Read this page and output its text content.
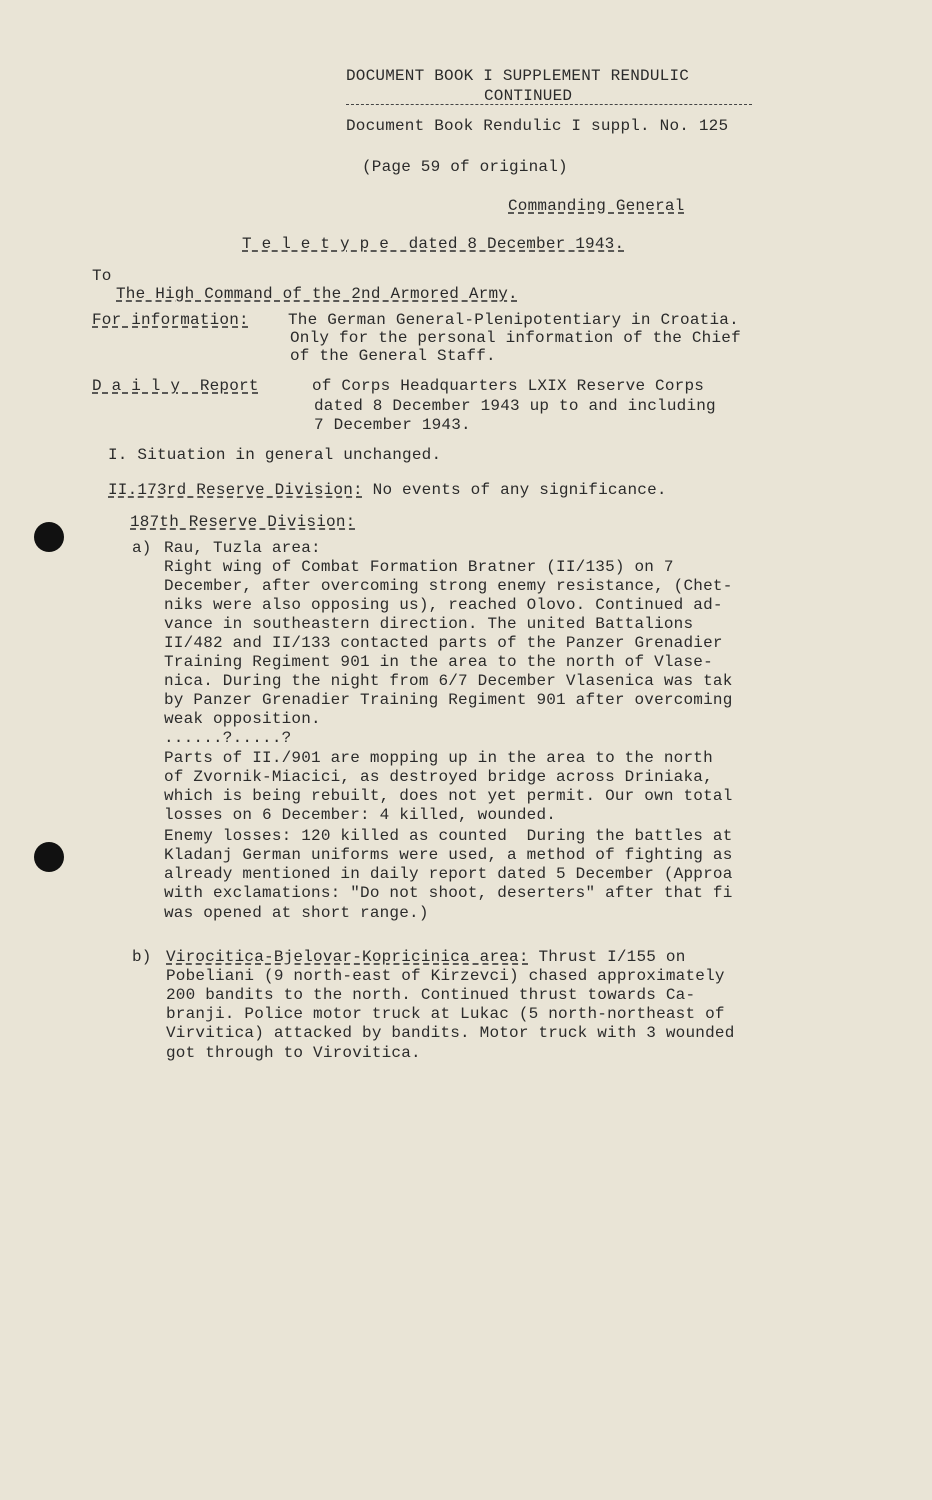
DOCUMENT BOOK I SUPPLEMENT RENDULIC
CONTINUED
Document Book Rendulic I suppl. No. 125
(Page 59 of original)
Commanding General
T e l e t y p e  dated 8 December 1943.
To
The High Command of the 2nd Armored Army.
For information: The German General-Plenipotentiary in Croatia.
Only for the personal information of the Chief
of the General Staff.
D a i l y  Report	of Corps Headquarters LXIX Reserve Corps
dated 8 December 1943 up to and including
7 December 1943.
I. Situation in general unchanged.
II.173rd Reserve Division: No events of any significance.
187th Reserve Division:
a) Rau, Tuzla area:
Right wing of Combat Formation Bratner (II/135) on 7
December, after overcoming strong enemy resistance, (Chet-
niks were also opposing us), reached Olovo. Continued ad-
vance in southeastern direction. The united Battalions
II/482 and II/133 contacted parts of the Panzer Grenadier
Training Regiment 901 in the area to the north of Vlase-
nica. During the night from 6/7 December Vlasenica was tak
by Panzer Grenadier Training Regiment 901 after overcoming
weak opposition.
......?.....?
Parts of II./901 are mopping up in the area to the north
of Zvornik-Miacici, as destroyed bridge across Driniaka,
which is being rebuilt, does not yet permit. Our own total
losses on 6 December: 4 killed, wounded.
Enemy losses: 120 killed as counted  During the battles at
Kladanj German uniforms were used, a method of fighting as
already mentioned in daily report dated 5 December (Approa
with exclamations: "Do not shoot, deserters" after that fi
was opened at short range.)
b) Virocitica-Bjelovar-Kopricinica area: Thrust I/155 on
Pobeliani (9 north-east of Kirzevci) chased approximately
200 bandits to the north. Continued thrust towards Ca-
branji. Police motor truck at Lukac (5 north-northeast of
Virvitica) attacked by bandits. Motor truck with 3 wounded
got through to Virovitica.
